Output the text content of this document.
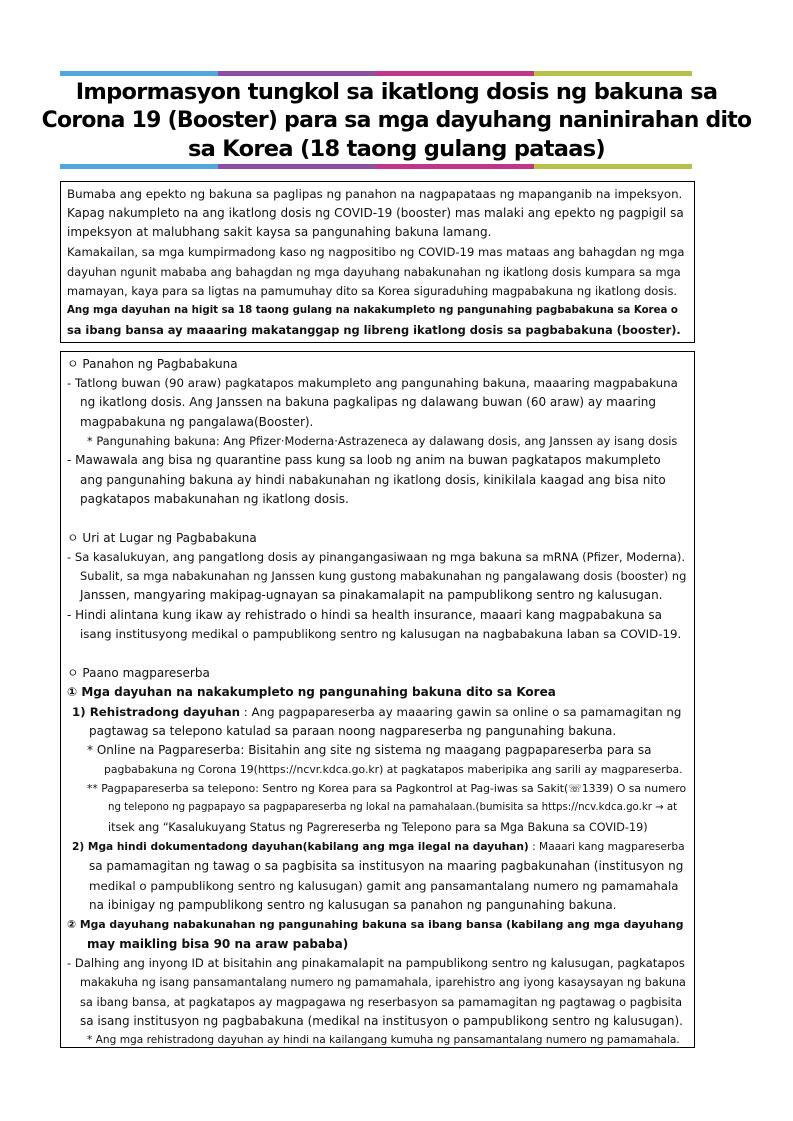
Impormasyon tungkol sa ikatlong dosis ng bakuna sa
Corona 19 (Booster) para sa mga dayuhang naninirahan dito
sa Korea (18 taong gulang pataas)
Bumaba ang epekto ng bakuna sa paglipas ng panahon na nagpapataas ng mapanganib na impeksyon.
Kapag nakumpleto na ang ikatlong dosis ng COVID-19 (booster) mas malaki ang epekto ng pagpigil sa
impeksyon at malubhang sakit kaysa sa pangunahing bakuna lamang.
Kamakailan, sa mga kumpirmadong kaso ng nagpositibo ng COVID-19 mas mataas ang bahagdan ng mga
dayuhan ngunit mababa ang bahagdan ng mga dayuhang nabakunahan ng ikatlong dosis kumpara sa mga
mamayan, kaya para sa ligtas na pamumuhay dito sa Korea siguraduhing magpabakuna ng ikatlong dosis.
Ang mga dayuhan na higit sa 18 taong gulang na nakakumpleto ng pangunahing pagbabakuna sa Korea o
sa ibang bansa ay maaaring makatanggap ng libreng ikatlong dosis sa pagbabakuna (booster).
ㅇ Panahon ng Pagbabakuna
- Tatlong buwan (90 araw) pagkatapos makumpleto ang pangunahing bakuna, maaaring magpabakuna
ng ikatlong dosis. Ang Janssen na bakuna pagkalipas ng dalawang buwan (60 araw) ay maaring
magpabakuna ng pangalawa(Booster).
* Pangunahing bakuna: Ang Pfizer·Moderna·Astrazeneca ay dalawang dosis, ang Janssen ay isang dosis
- Mawawala ang bisa ng quarantine pass kung sa loob ng anim na buwan pagkatapos makumpleto
ang pangunahing bakuna ay hindi nabakunahan ng ikatlong dosis, kinikilala kaagad ang bisa nito
pagkatapos mabakunahan ng ikatlong dosis.
ㅇ Uri at Lugar ng Pagbabakuna
- Sa kasalukuyan, ang pangatlong dosis ay pinangangasiwaan ng mga bakuna sa mRNA (Pfizer, Moderna).
Subalit, sa mga nabakunahan ng Janssen kung gustong mabakunahan ng pangalawang dosis (booster) ng
Janssen, mangyaring makipag-ugnayan sa pinakamalapit na pampublikong sentro ng kalusugan.
- Hindi alintana kung ikaw ay rehistrado o hindi sa health insurance, maaari kang magpabakuna sa
isang institusyong medikal o pampublikong sentro ng kalusugan na nagbabakuna laban sa COVID-19.
ㅇ Paano magpareserba
① Mga dayuhan na nakakumpleto ng pangunahing bakuna dito sa Korea
1) Rehistradong dayuhan : Ang pagpapareserba ay maaaring gawin sa online o sa pamamagitan ng
pagtawag sa telepono katulad sa paraan noong nagpareserba ng pangunahing bakuna.
* Online na Pagpareserba: Bisitahin ang site ng sistema ng maagang pagpapareserba para sa
pagbabakuna ng Corona 19(https://ncvr.kdca.go.kr) at pagkatapos maberipika ang sarili ay magpareserba.
** Pagpapareserba sa telepono: Sentro ng Korea para sa Pagkontrol at Pag-iwas sa Sakit(☏1339) O sa numero
ng telepono ng pagpapayo sa pagpapareserba ng lokal na pamahalaan.(bumisita sa https://ncv.kdca.go.kr → at
itsek ang “Kasalukuyang Status ng Pagrereserba ng Telepono para sa Mga Bakuna sa COVID-19)
2) Mga hindi dokumentadong dayuhan(kabilang ang mga ilegal na dayuhan) : Maaari kang magpareserba
sa pamamagitan ng tawag o sa pagbisita sa institusyon na maaring pagbakunahan (institusyon ng
medikal o pampublikong sentro ng kalusugan) gamit ang pansamantalang numero ng pamamahala
na ibinigay ng pampublikong sentro ng kalusugan sa panahon ng pangunahing bakuna.
② Mga dayuhang nabakunahan ng pangunahing bakuna sa ibang bansa (kabilang ang mga dayuhang
may maikling bisa 90 na araw pababa)
- Dalhing ang inyong ID at bisitahin ang pinakamalapit na pampublikong sentro ng kalusugan, pagkatapos
makakuha ng isang pansamantalang numero ng pamamahala, iparehistro ang iyong kasaysayan ng bakuna
sa ibang bansa, at pagkatapos ay magpagawa ng reserbasyon sa pamamagitan ng pagtawag o pagbisita
sa isang institusyon ng pagbabakuna (medikal na institusyon o pampublikong sentro ng kalusugan).
* Ang mga rehistradong dayuhan ay hindi na kailangang kumuha ng pansamantalang numero ng pamamahala.
